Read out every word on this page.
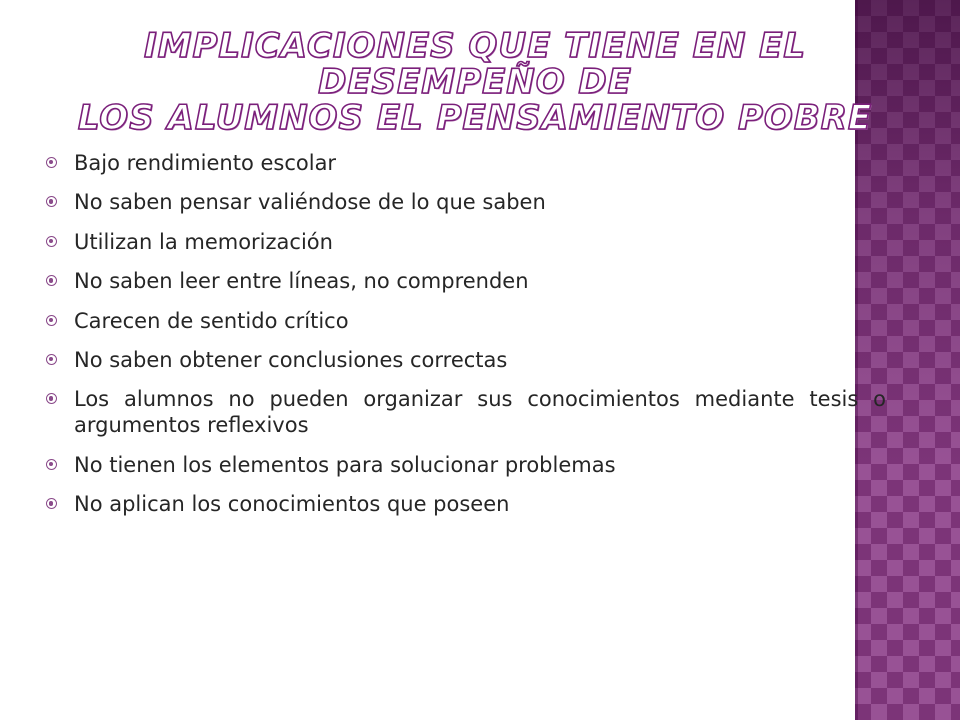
IMPLICACIONES QUE TIENE EN EL DESEMPEÑO DE
LOS ALUMNOS EL PENSAMIENTO POBRE
Bajo rendimiento escolar
No saben pensar valiéndose de lo que saben
Utilizan la memorización
No saben leer entre líneas, no comprenden
Carecen de sentido crítico
No saben obtener conclusiones correctas
Los alumnos no pueden organizar sus conocimientos mediante tesis o argumentos reflexivos
No tienen los elementos para solucionar problemas
No aplican los conocimientos que poseen
